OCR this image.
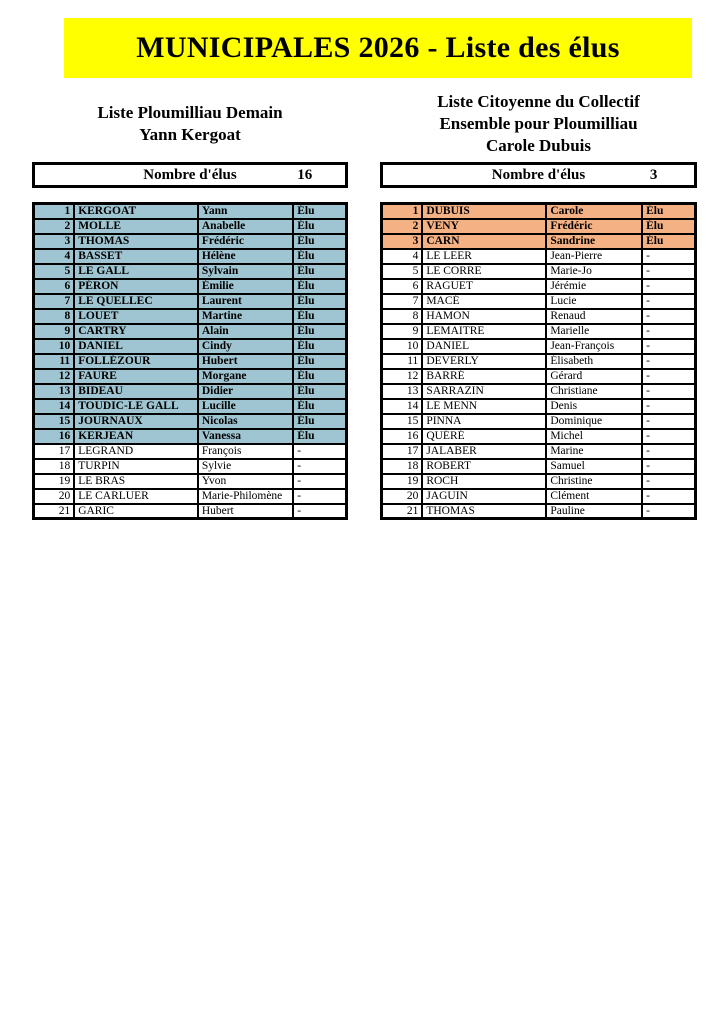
MUNICIPALES 2026 - Liste des élus
Liste Ploumilliau Demain
Yann Kergoat
Nombre d'élus	16
1	KERGOAT	Yann	Élu
2	MOLLE	Anabelle	Élu
3	THOMAS	Frédéric	Élu
4	BASSET	Hélène	Élu
5	LE GALL	Sylvain	Élu
6	PÉRON	Émilie	Élu
7	LE QUELLEC	Laurent	Élu
8	LOUET	Martine	Élu
9	CARTRY	Alain	Élu
10	DANIEL	Cindy	Élu
11	FOLLÉZOUR	Hubert	Élu
12	FAURE	Morgane	Élu
13	BIDEAU	Didier	Élu
14	TOUDIC-LE GALL	Lucille	Élu
15	JOURNAUX	Nicolas	Élu
16	KERJEAN	Vanessa	Élu
17	LEGRAND	François	-
18	TURPIN	Sylvie	-
19	LE BRAS	Yvon	-
20	LE CARLUER	Marie-Philomène	-
21	GARIC	Hubert	-
Liste Citoyenne du Collectif
Ensemble pour Ploumilliau
Carole Dubuis
Nombre d'élus	3
1	DUBUIS	Carole	Élu
2	VENY	Frédéric	Élu
3	CARN	Sandrine	Élu
4	LE LEER	Jean-Pierre	-
5	LE CORRE	Marie-Jo	-
6	RAGUET	Jérémie	-
7	MACÉ	Lucie	-
8	HAMON	Renaud	-
9	LEMAITRE	Marielle	-
10	DANIEL	Jean-François	-
11	DEVERLY	Élisabeth	-
12	BARRÉ	Gérard	-
13	SARRAZIN	Christiane	-
14	LE MENN	Denis	-
15	PINNA	Dominique	-
16	QUÉRÉ	Michel	-
17	JALABER	Marine	-
18	ROBERT	Samuel	-
19	ROCH	Christine	-
20	JAGUIN	Clément	-
21	THOMAS	Pauline	-
